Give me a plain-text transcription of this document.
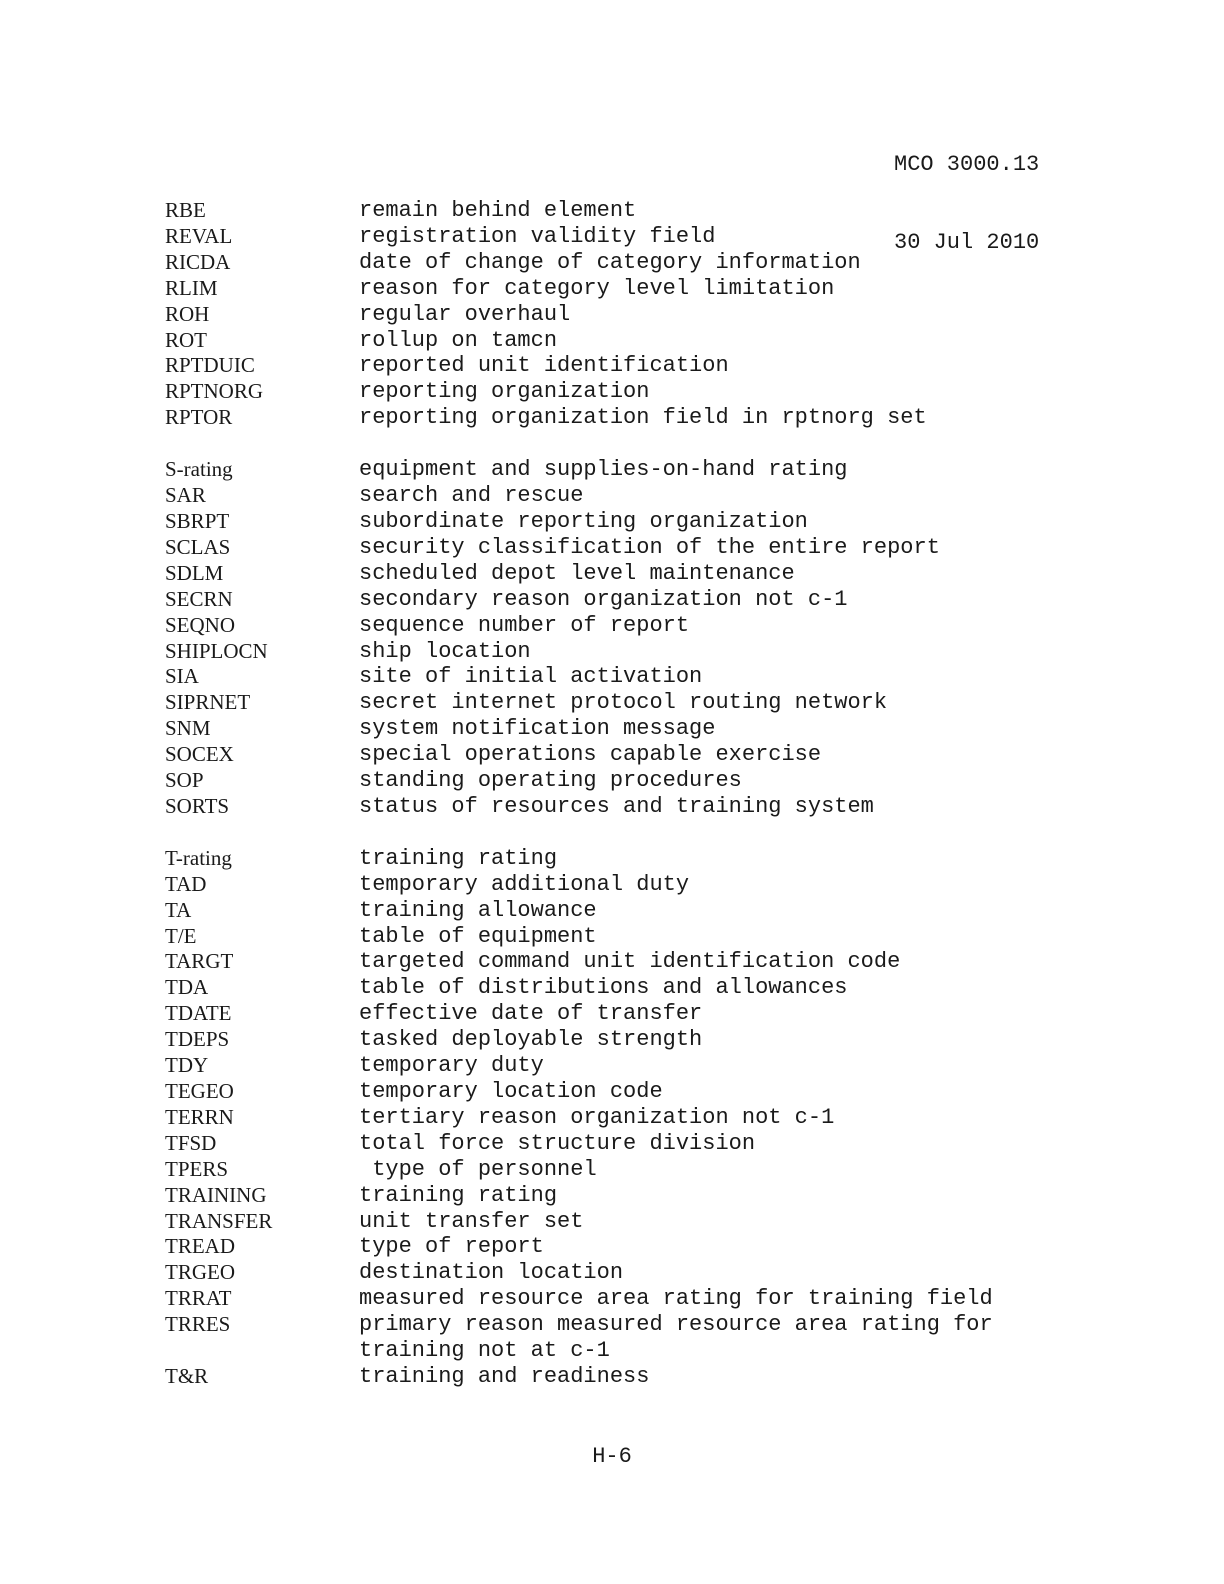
MCO 3000.13

30 Jul 2010

RBE	remain behind element
REVAL	registration validity field
RICDA	date of change of category information
RLIM	reason for category level limitation
ROH	regular overhaul
ROT	rollup on tamcn
RPTDUIC	reported unit identification
RPTNORG	reporting organization
RPTOR	reporting organization field in rptnorg set
S-rating	equipment and supplies-on-hand rating
SAR	search and rescue
SBRPT	subordinate reporting organization
SCLAS	security classification of the entire report
SDLM	scheduled depot level maintenance
SECRN	secondary reason organization not c-1
SEQNO	sequence number of report
SHIPLOCN	ship location
SIA	site of initial activation
SIPRNET	secret internet protocol routing network
SNM	system notification message
SOCEX	special operations capable exercise
SOP	standing operating procedures
SORTS	status of resources and training system
T-rating	training rating
TAD	temporary additional duty
TA	training allowance
T/E	table of equipment
TARGT	targeted command unit identification code
TDA	table of distributions and allowances
TDATE	effective date of transfer
TDEPS	tasked deployable strength
TDY	temporary duty
TEGEO	temporary location code
TERRN	tertiary reason organization not c-1
TFSD	total force structure division
TPERS	type of personnel
TRAINING	training rating
TRANSFER	unit transfer set
TREAD	type of report
TRGEO	destination location
TRRAT	measured resource area rating for training field
TRRES	primary reason measured resource area rating for
training not at c-1
T&R	training and readiness
H-6
